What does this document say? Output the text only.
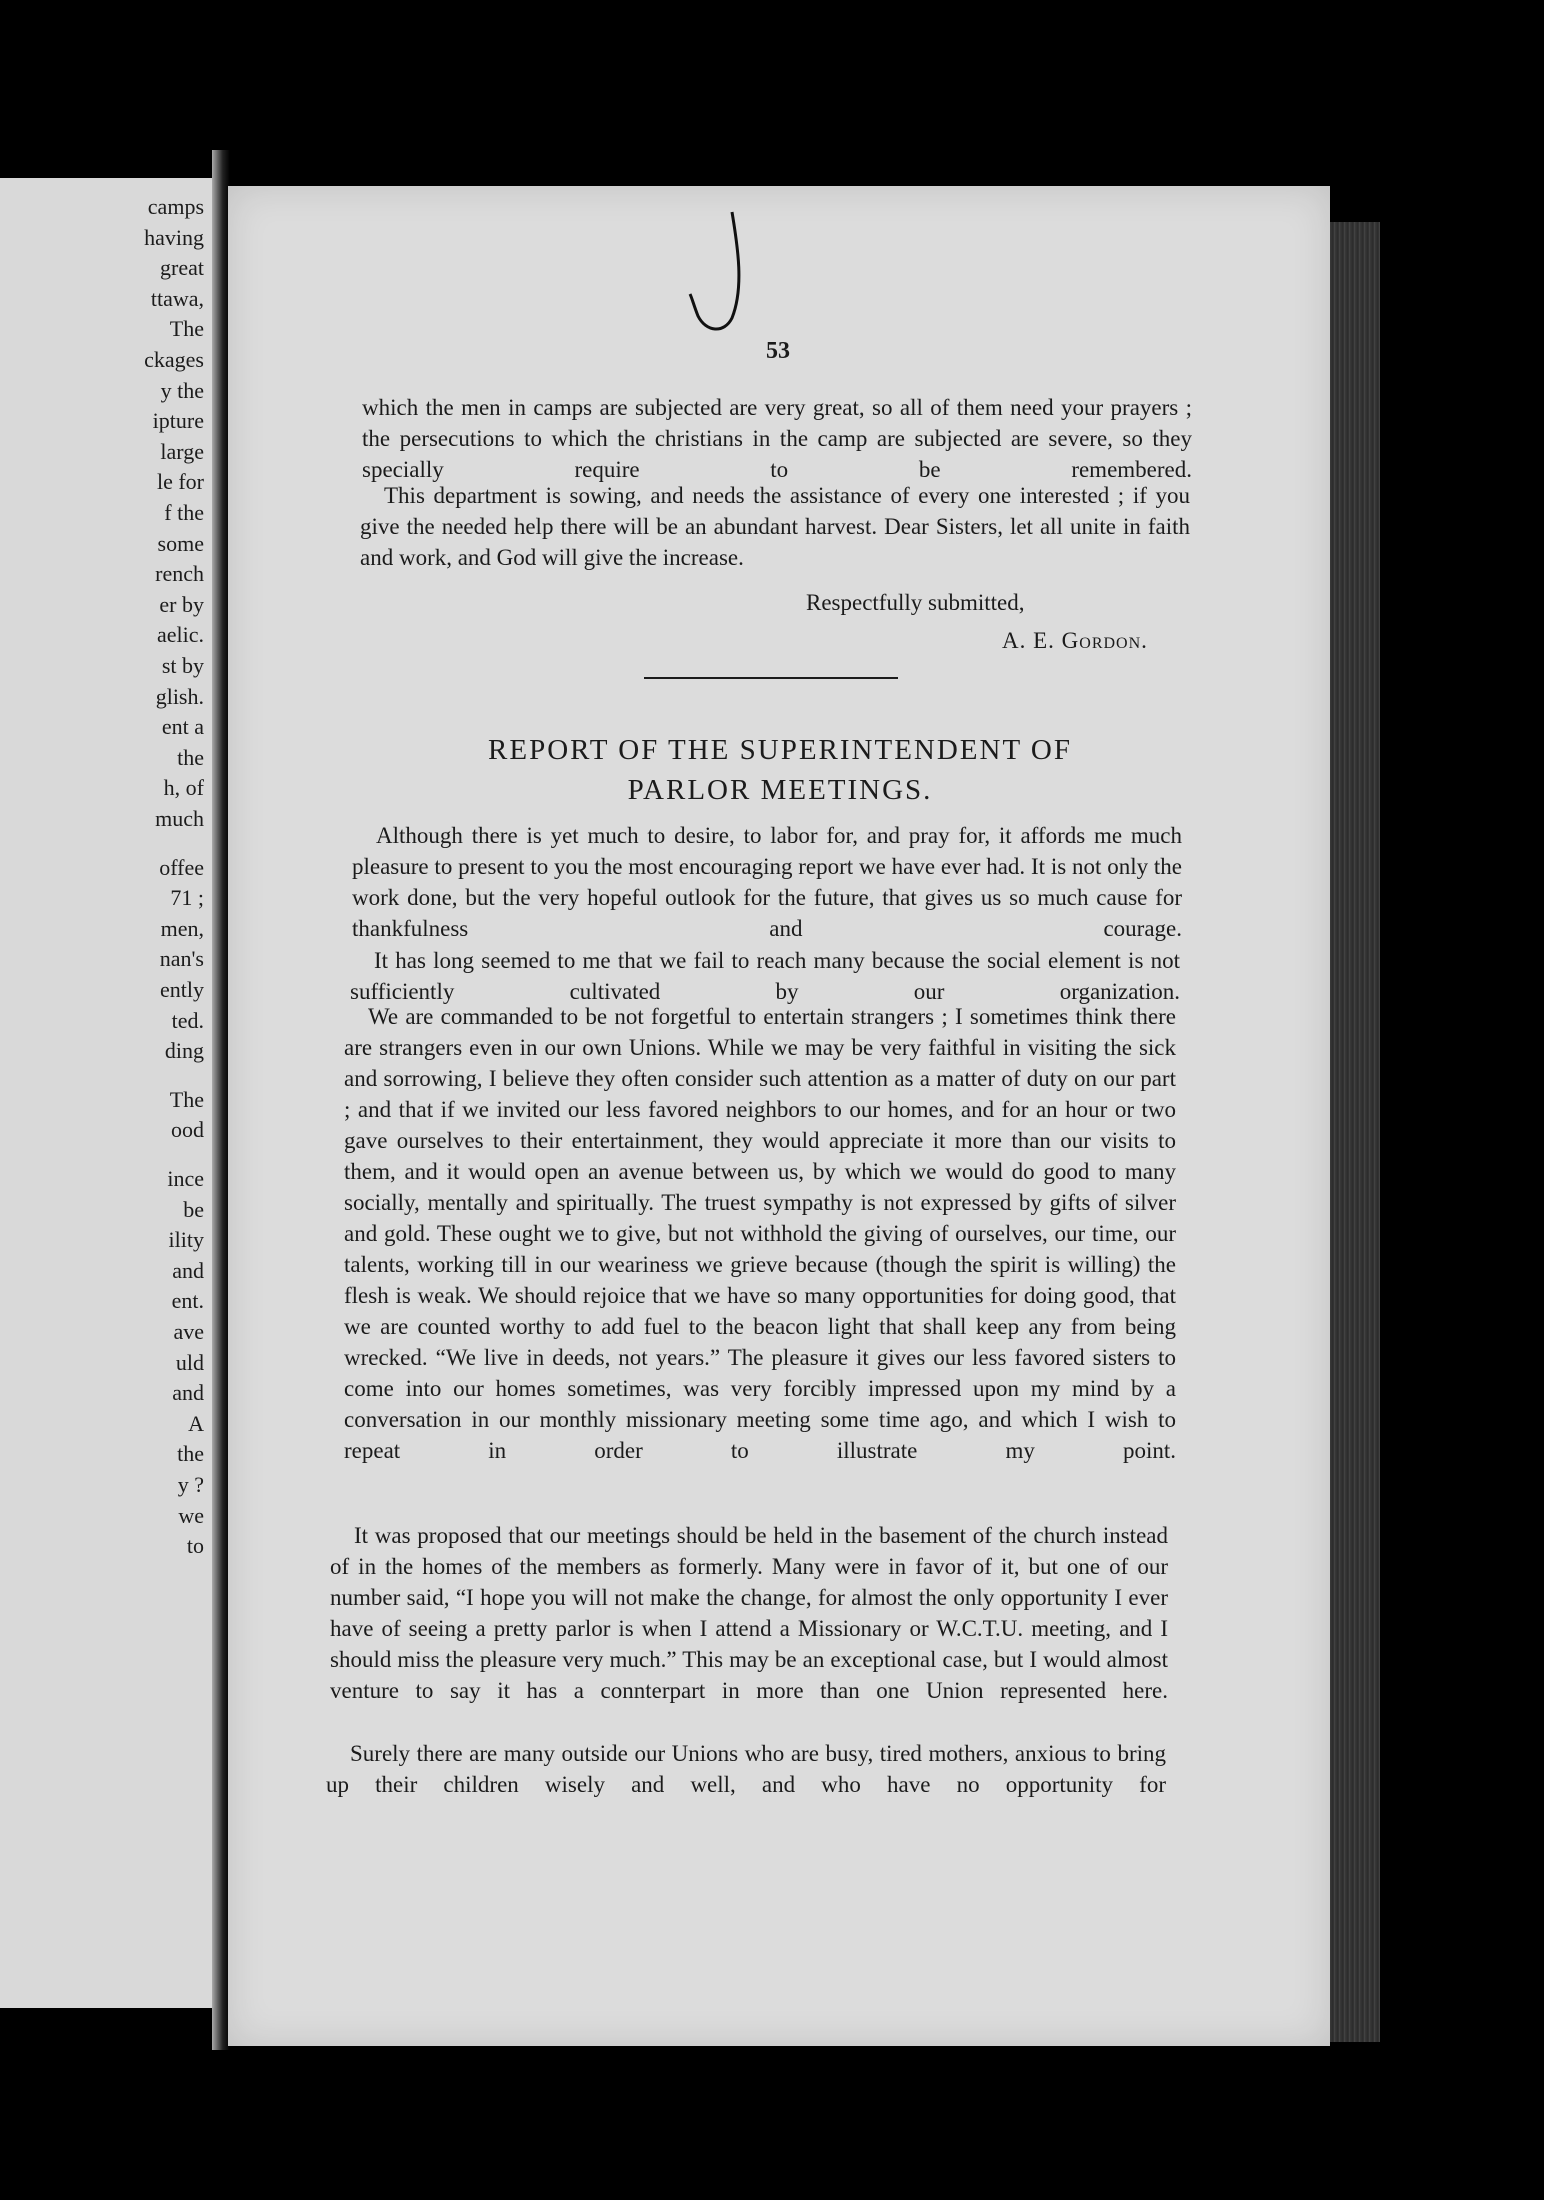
camps
having
great
ttawa,
The
ckages
y the
ipture
large
le for
f the
some
rench
er by
aelic.
st by
glish.
ent a
the
h, of
much
offee
71 ;
men,
nan's
ently
ted.
ding
The
ood
ince
be
ility
and
ent.
ave
uld
and
A
the
y ?
we
to
53

which the men in camps are subjected are very great, so all of them need your prayers ; the persecutions to which the christians in the camp are subjected are severe, so they specially require to be remembered.

This department is sowing, and needs the assistance of every one interested ; if you give the needed help there will be an abundant harvest. Dear Sisters, let all unite in faith and work, and God will give the increase.

Respectfully submitted,
A. E. Gordon.
REPORT OF THE SUPERINTENDENT OF
PARLOR MEETINGS.

Although there is yet much to desire, to labor for, and pray for, it affords me much pleasure to present to you the most encouraging report we have ever had. It is not only the work done, but the very hopeful outlook for the future, that gives us so much cause for thankfulness and courage.

It has long seemed to me that we fail to reach many because the social element is not sufficiently cultivated by our organization.

We are commanded to be not forgetful to entertain strangers ; I sometimes think there are strangers even in our own Unions. While we may be very faithful in visiting the sick and sorrowing, I believe they often consider such attention as a matter of duty on our part ; and that if we invited our less favored neighbors to our homes, and for an hour or two gave ourselves to their entertainment, they would appreciate it more than our visits to them, and it would open an avenue between us, by which we would do good to many socially, mentally and spiritually. The truest sympathy is not expressed by gifts of silver and gold. These ought we to give, but not withhold the giving of ourselves, our time, our talents, working till in our weariness we grieve because (though the spirit is willing) the flesh is weak. We should rejoice that we have so many opportunities for doing good, that we are counted worthy to add fuel to the beacon light that shall keep any from being wrecked. “We live in deeds, not years.” The pleasure it gives our less favored sisters to come into our homes sometimes, was very forcibly impressed upon my mind by a conversation in our monthly missionary meeting some time ago, and which I wish to repeat in order to illustrate my point.

It was proposed that our meetings should be held in the basement of the church instead of in the homes of the members as formerly. Many were in favor of it, but one of our number said, “I hope you will not make the change, for almost the only opportunity I ever have of seeing a pretty parlor is when I attend a Missionary or W.C.T.U. meeting, and I should miss the pleasure very much.” This may be an exceptional case, but I would almost venture to say it has a connterpart in more than one Union represented here.

Surely there are many outside our Unions who are busy, tired mothers, anxious to bring up their children wisely and well, and who have no opportunity for
